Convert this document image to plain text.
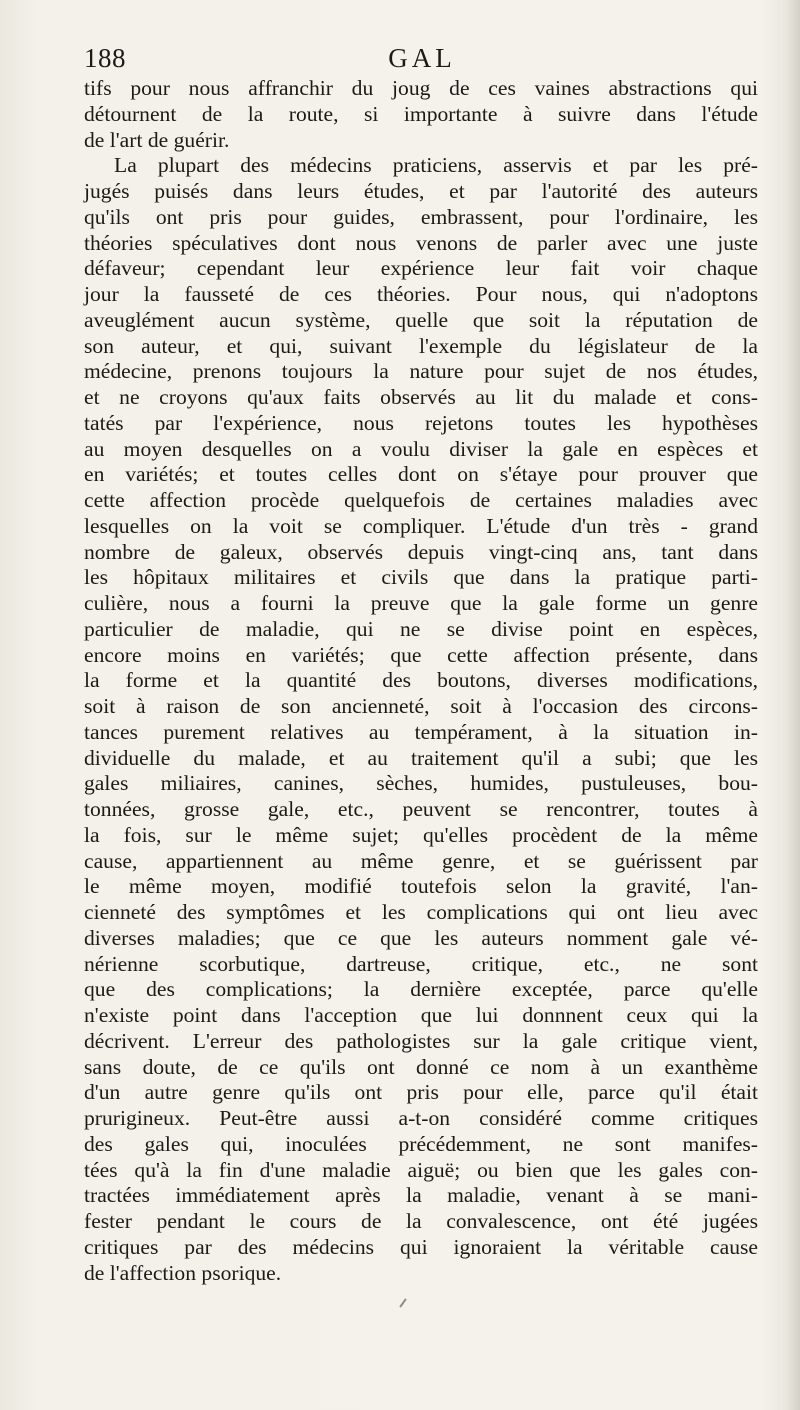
188	GAL
tifs pour nous affranchir du joug de ces vaines abstractions qui
détournent de la route, si importante à suivre dans l'étude
de l'art de guérir.
La plupart des médecins praticiens, asservis et par les pré-
jugés puisés dans leurs études, et par l'autorité des auteurs
qu'ils ont pris pour guides, embrassent, pour l'ordinaire, les
théories spéculatives dont nous venons de parler avec une juste
défaveur; cependant leur expérience leur fait voir chaque
jour la fausseté de ces théories. Pour nous, qui n'adoptons
aveuglément aucun système, quelle que soit la réputation de
son auteur, et qui, suivant l'exemple du législateur de la
médecine, prenons toujours la nature pour sujet de nos études,
et ne croyons qu'aux faits observés au lit du malade et cons-
tatés par l'expérience, nous rejetons toutes les hypothèses
au moyen desquelles on a voulu diviser la gale en espèces et
en variétés; et toutes celles dont on s'étaye pour prouver que
cette affection procède quelquefois de certaines maladies avec
lesquelles on la voit se compliquer. L'étude d'un très - grand
nombre de galeux, observés depuis vingt-cinq ans, tant dans
les hôpitaux militaires et civils que dans la pratique parti-
culière, nous a fourni la preuve que la gale forme un genre
particulier de maladie, qui ne se divise point en espèces,
encore moins en variétés; que cette affection présente, dans
la forme et la quantité des boutons, diverses modifications,
soit à raison de son ancienneté, soit à l'occasion des circons-
tances purement relatives au tempérament, à la situation in-
dividuelle du malade, et au traitement qu'il a subi; que les
gales miliaires, canines, sèches, humides, pustuleuses, bou-
tonnées, grosse gale, etc., peuvent se rencontrer, toutes à
la fois, sur le même sujet; qu'elles procèdent de la même
cause, appartiennent au même genre, et se guérissent par
le même moyen, modifié toutefois selon la gravité, l'an-
cienneté des symptômes et les complications qui ont lieu avec
diverses maladies; que ce que les auteurs nomment gale vé-
nérienne scorbutique, dartreuse, critique, etc., ne sont
que des complications; la dernière exceptée, parce qu'elle
n'existe point dans l'acception que lui donnnent ceux qui la
décrivent. L'erreur des pathologistes sur la gale critique vient,
sans doute, de ce qu'ils ont donné ce nom à un exanthème
d'un autre genre qu'ils ont pris pour elle, parce qu'il était
prurigineux. Peut-être aussi a-t-on considéré comme critiques
des gales qui, inoculées précédemment, ne sont manifes-
tées qu'à la fin d'une maladie aiguë; ou bien que les gales con-
tractées immédiatement après la maladie, venant à se mani-
fester pendant le cours de la convalescence, ont été jugées
critiques par des médecins qui ignoraient la véritable cause
de l'affection psorique.
